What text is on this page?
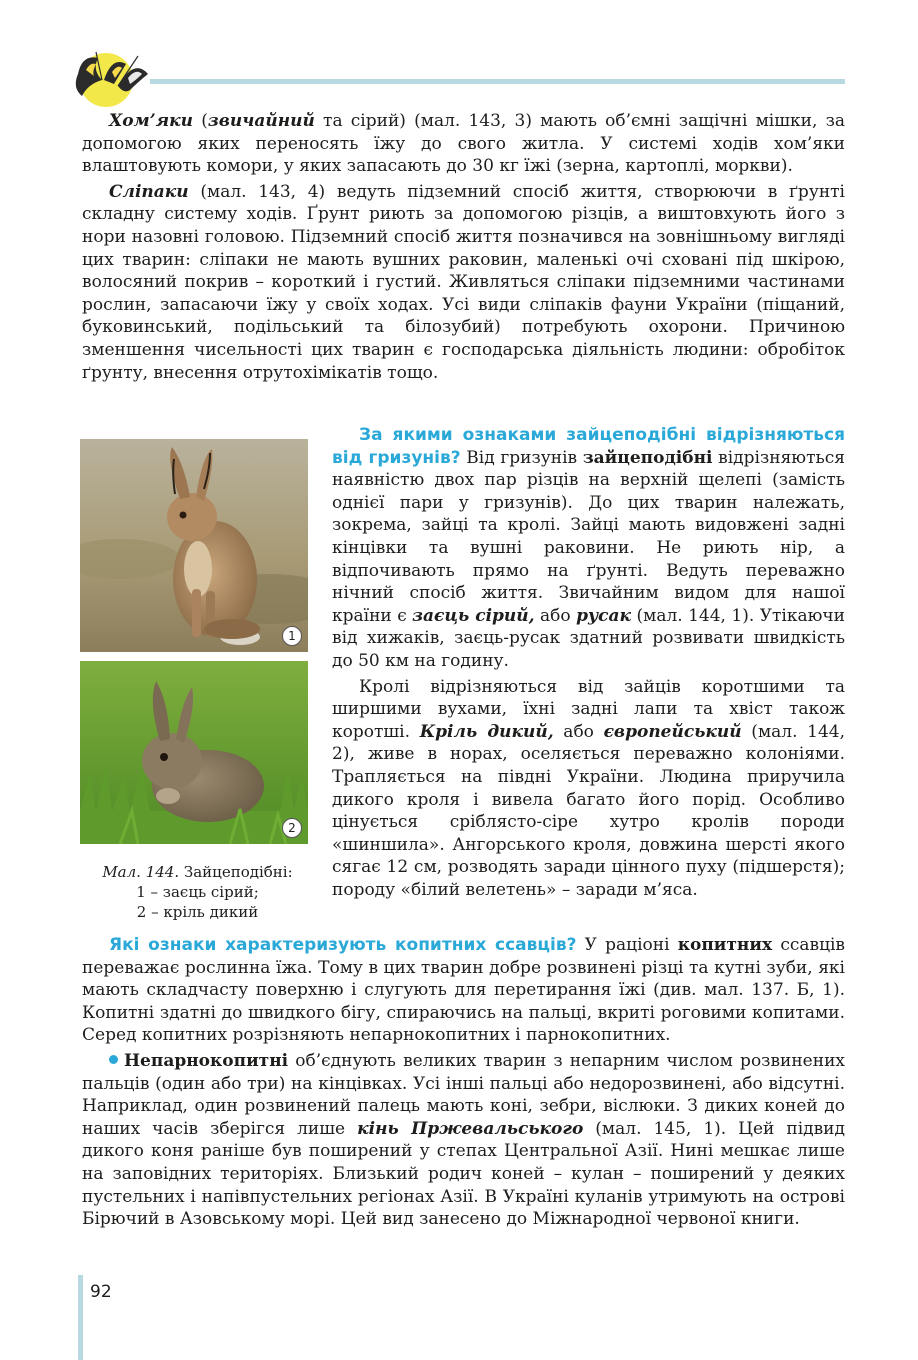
Хом’яки (звичайний та сірий) (мал. 143, 3) мають об’ємні защічні мішки, за допомогою яких переносять їжу до свого житла. У системі ходів хом’яки влаштовують комори, у яких запасають до 30 кг їжі (зерна, картоплі, моркви).

Сліпаки (мал. 143, 4) ведуть підземний спосіб життя, створюючи в ґрунті складну систему ходів. Ґрунт риють за допомогою різців, а виштовхують його з нори назовні головою. Підземний спосіб життя позначився на зовнішньому вигляді цих тварин: сліпаки не мають вушних раковин, маленькі очі сховані під шкірою, волосяний покрив – короткий і густий. Живляться сліпаки підземними частинами рослин, запасаючи їжу у своїх ходах. Усі види сліпаків фауни України (піщаний, буковинський, подільський та білозубий) потребують охорони. Причиною зменшення чисельності цих тварин є господарська діяльність людини: обробіток ґрунту, внесення отрутохімікатів тощо.

1
2
Мал. 144. Зайцеподібні:
1 – заєць сірий;
2 – кріль дикий

За якими ознаками зайцеподібні відрізняються від гризунів? Від гризунів зайцеподібні відрізняються наявністю двох пар різців на верхній щелепі (замість однієї пари у гризунів). До цих тварин належать, зокрема, зайці та кролі. Зайці мають видовжені задні кінцівки та вушні раковини. Не риють нір, а відпочивають прямо на ґрунті. Ведуть переважно нічний спосіб життя. Звичайним видом для нашої країни є заєць сірий, або русак (мал. 144, 1). Утікаючи від хижаків, заєць-русак здатний розвивати швидкість до 50 км на годину.

Кролі відрізняються від зайців коротшими та ширшими вухами, їхні задні лапи та хвіст також коротші. Кріль дикий, або європейський (мал. 144, 2), живе в норах, оселяється переважно колоніями. Трапляється на півдні України. Людина приручила дикого кроля і вивела багато його порід. Особливо цінується сріблясто-сіре хутро кролів породи «шиншила». Ангорського кроля, довжина шерсті якого сягає 12 см, розводять заради цінного пуху (підшерстя); породу «білий велетень» – заради м’яса.

Які ознаки характеризують копитних ссавців? У раціоні копитних ссавців переважає рослинна їжа. Тому в цих тварин добре розвинені різці та кутні зуби, які мають складчасту поверхню і слугують для перетирання їжі (див. мал. 137. Б, 1). Копитні здатні до швидкого бігу, спираючись на пальці, вкриті роговими копитами. Серед копитних розрізняють непарнокопитних і парнокопитних.

Непарнокопитні об’єднують великих тварин з непарним числом розвинених пальців (один або три) на кінцівках. Усі інші пальці або недорозвинені, або відсутні. Наприклад, один розвинений палець мають коні, зебри, віслюки. З диких коней до наших часів зберігся лише кінь Пржевальського (мал. 145, 1). Цей підвид дикого коня раніше був поширений у степах Центральної Азії. Нині мешкає лише на заповідних територіях. Близький родич коней – кулан – поширений у деяких пустельних і напівпустельних регіонах Азії. В Україні куланів утримують на острові Бірючий в Азовському морі. Цей вид занесено до Міжнародної червоної книги.

92
